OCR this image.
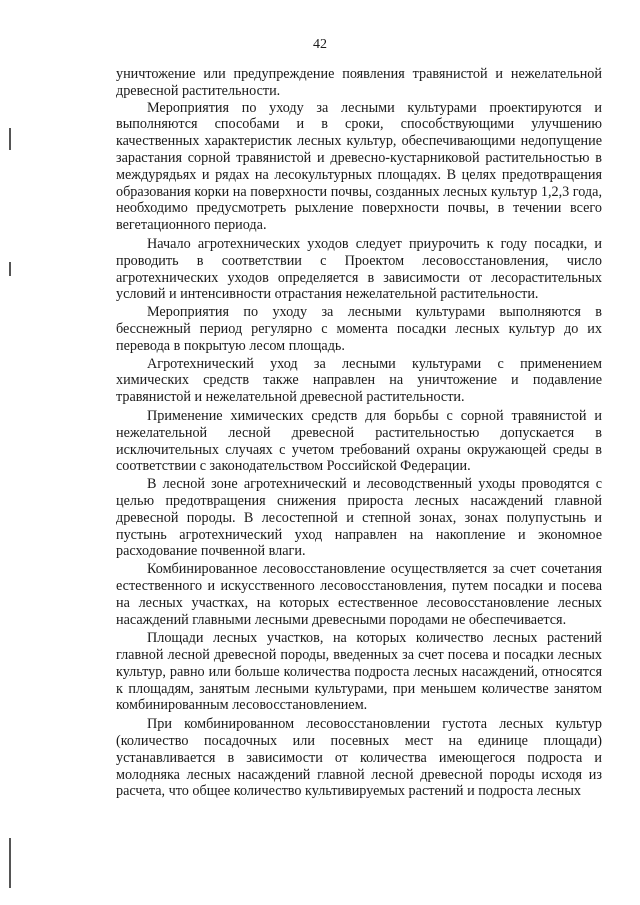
42

уничтожение или предупреждение появления травянистой и нежелательной древесной растительности.

Мероприятия по уходу за лесными культурами проектируются и выполняются способами и в сроки, способствующими улучшению качественных характеристик лесных культур, обеспечивающими недопущение зарастания сорной травянистой и древесно-кустарниковой растительностью в междурядьях и рядах на лесокультурных площадях. В целях предотвращения образования корки на поверхности почвы, созданных лесных культур 1,2,3 года, необходимо предусмотреть рыхление поверхности почвы, в течении всего вегетационного периода.

Начало агротехнических уходов следует приурочить к году посадки, и проводить в соответствии с Проектом лесовосстановления, число агротехнических уходов определяется в зависимости от лесорастительных условий и интенсивности отрастания нежелательной растительности.

Мероприятия по уходу за лесными культурами выполняются в бесснежный период регулярно с момента посадки лесных культур до их перевода в покрытую лесом площадь.

Агротехнический уход за лесными культурами с применением химических средств также направлен на уничтожение и подавление травянистой и нежелательной древесной растительности.

Применение химических средств для борьбы с сорной травянистой и нежелательной лесной древесной растительностью допускается в исключительных случаях с учетом требований охраны окружающей среды в соответствии с законодательством Российской Федерации.

В лесной зоне агротехнический и лесоводственный уходы проводятся с целью предотвращения снижения прироста лесных насаждений главной древесной породы. В лесостепной и степной зонах, зонах полупустынь и пустынь агротехнический уход направлен на накопление и экономное расходование почвенной влаги.

Комбинированное лесовосстановление осуществляется за счет сочетания естественного и искусственного лесовосстановления, путем посадки и посева на лесных участках, на которых естественное лесовосстановление лесных насаждений главными лесными древесными породами не обеспечивается.

Площади лесных участков, на которых количество лесных растений главной лесной древесной породы, введенных за счет посева и посадки лесных культур, равно или больше количества подроста лесных насаждений, относятся к площадям, занятым лесными культурами, при меньшем количестве занятом комбинированным лесовосстановлением.

При комбинированном лесовосстановлении густота лесных культур (количество посадочных или посевных мест на единице площади) устанавливается в зависимости от количества имеющегося подроста и молодняка лесных насаждений главной лесной древесной породы исходя из расчета, что общее количество культивируемых растений и подроста лесных
